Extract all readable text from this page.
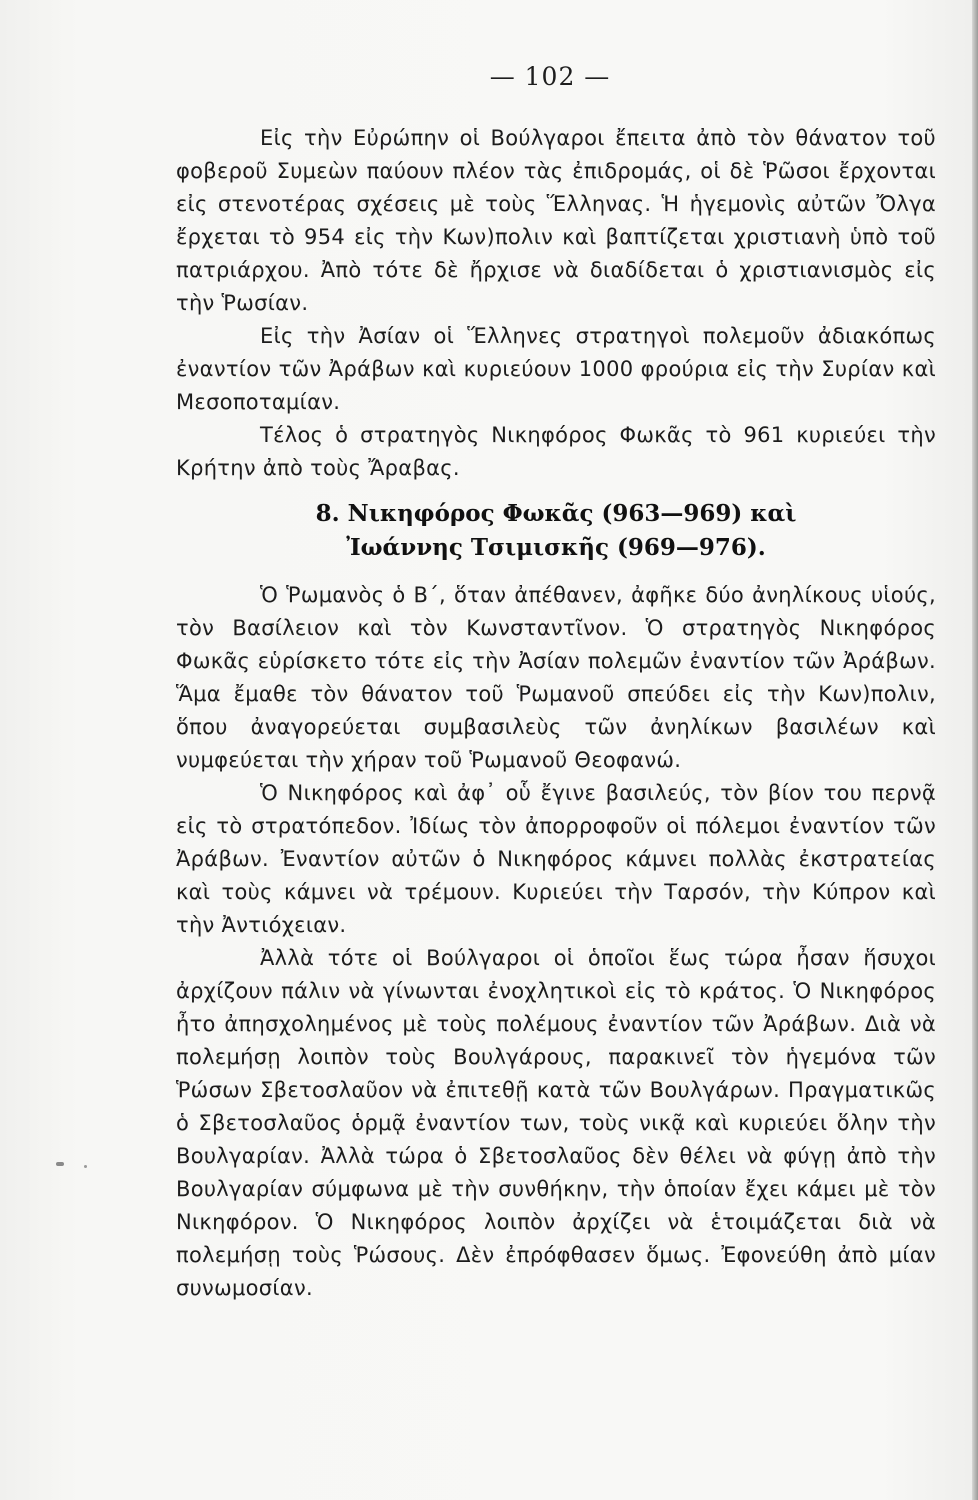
— 102 —

Εἰς τὴν Εὐρώπην οἱ Βούλγαροι ἔπειτα ἀπὸ τὸν θάνατον τοῦ φοβεροῦ Συμεὼν παύουν πλέον τὰς ἐπιδρομάς, οἱ δὲ Ῥῶσοι ἔρχονται εἰς στενοτέρας σχέσεις μὲ τοὺς Ἕλληνας. Ἡ ἡγεμονὶς αὐτῶν Ὄλγα ἔρχεται τὸ 954 εἰς τὴν Κων)πολιν καὶ βαπτίζεται χριστιανὴ ὑπὸ τοῦ πατριάρχου. Ἀπὸ τότε δὲ ἤρχισε νὰ διαδίδεται ὁ χριστιανισμὸς εἰς τὴν Ῥωσίαν.

Εἰς τὴν Ἀσίαν οἱ Ἕλληνες στρατηγοὶ πολεμοῦν ἀδιακόπως ἐναντίον τῶν Ἀράβων καὶ κυριεύουν 1000 φρούρια εἰς τὴν Συρίαν καὶ Μεσοποταμίαν.

Τέλος ὁ στρατηγὸς Νικηφόρος Φωκᾶς τὸ 961 κυριεύει τὴν Κρήτην ἀπὸ τοὺς Ἄραβας.

8. Νικηφόρος Φωκᾶς (963—969) καὶ
Ἰωάννης Τσιμισκῆς (969—976).

Ὁ Ῥωμανὸς ὁ Β΄, ὅταν ἀπέθανεν, ἀφῆκε δύο ἀνηλίκους υἱούς, τὸν Βασίλειον καὶ τὸν Κωνσταντῖνον. Ὁ στρατηγὸς Νικηφόρος Φωκᾶς εὑρίσκετο τότε εἰς τὴν Ἀσίαν πολεμῶν ἐναντίον τῶν Ἀράβων. Ἅμα ἔμαθε τὸν θάνατον τοῦ Ῥωμανοῦ σπεύδει εἰς τὴν Κων)πολιν, ὅπου ἀναγορεύεται συμβασιλεὺς τῶν ἀνηλίκων βασιλέων καὶ νυμφεύεται τὴν χήραν τοῦ Ῥωμανοῦ Θεοφανώ.

Ὁ Νικηφόρος καὶ ἀφ᾿ οὗ ἔγινε βασιλεύς, τὸν βίον του περνᾷ εἰς τὸ στρατόπεδον. Ἰδίως τὸν ἀπορροφοῦν οἱ πόλεμοι ἐναντίον τῶν Ἀράβων. Ἐναντίον αὐτῶν ὁ Νικηφόρος κάμνει πολλὰς ἐκστρατείας καὶ τοὺς κάμνει νὰ τρέμουν. Κυριεύει τὴν Ταρσόν, τὴν Κύπρον καὶ τὴν Ἀντιόχειαν.

Ἀλλὰ τότε οἱ Βούλγαροι οἱ ὁποῖοι ἕως τώρα ἦσαν ἥσυχοι ἀρχίζουν πάλιν νὰ γίνωνται ἐνοχλητικοὶ εἰς τὸ κράτος. Ὁ Νικηφόρος ἦτο ἀπησχολημένος μὲ τοὺς πολέμους ἐναντίον τῶν Ἀράβων. Διὰ νὰ πολεμήσῃ λοιπὸν τοὺς Βουλγάρους, παρακινεῖ τὸν ἡγεμόνα τῶν Ῥώσων Σβετοσλαῦον νὰ ἐπιτεθῇ κατὰ τῶν Βουλγάρων. Πραγματικῶς ὁ Σβετοσλαῦος ὁρμᾷ ἐναντίον των, τοὺς νικᾷ καὶ κυριεύει ὅλην τὴν Βουλγαρίαν. Ἀλλὰ τώρα ὁ Σβετοσλαῦος δὲν θέλει νὰ φύγῃ ἀπὸ τὴν Βουλγαρίαν σύμφωνα μὲ τὴν συνθήκην, τὴν ὁποίαν ἔχει κάμει μὲ τὸν Νικηφόρον. Ὁ Νικηφόρος λοιπὸν ἀρχίζει νὰ ἑτοιμάζεται διὰ νὰ πολεμήσῃ τοὺς Ῥώσους. Δὲν ἐπρόφθασεν ὅμως. Ἐφονεύθη ἀπὸ μίαν συνωμοσίαν.
